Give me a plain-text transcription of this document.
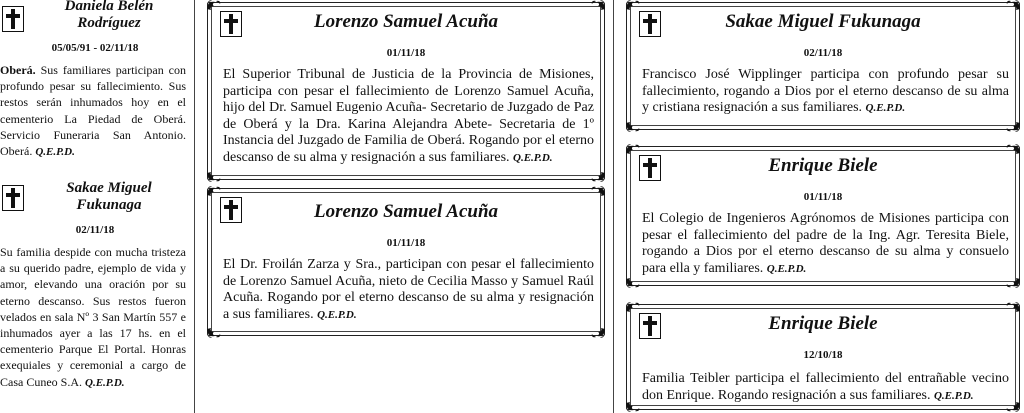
Daniela Belén
Rodríguez
05/05/91 - 02/11/18
Oberá. Sus familiares participan con profundo pesar su fallecimiento. Sus restos serán inhumados hoy en el cementerio La Piedad de Oberá. Servicio Funeraria San Antonio. Oberá. Q.E.P.D.
Sakae Miguel
Fukunaga
02/11/18
Su familia despide con mucha tristeza a su querido padre, ejemplo de vida y amor, elevando una oración por su eterno descanso. Sus restos fueron velados en sala Nº 3 San Martín 557 e inhumados ayer a las 17 hs. en el cementerio Parque El Portal. Honras exequiales y ceremonial a cargo de Casa Cuneo S.A. Q.E.P.D.
Lorenzo Samuel Acuña
01/11/18
El Superior Tribunal de Justicia de la Provincia de Misiones, participa con pesar el fallecimiento de Lorenzo Samuel Acuña, hijo del Dr. Samuel Eugenio Acuña- Secretario de Juzgado de Paz de Oberá y la Dra. Karina Alejandra Abete- Secretaria de 1º Instancia del Juzgado de Familia de Oberá. Rogando por el eterno descanso de su alma y resignación a sus familiares. Q.E.P.D.
Lorenzo Samuel Acuña
01/11/18
El Dr. Froilán Zarza y Sra., participan con pesar el fallecimiento de Lorenzo Samuel Acuña, nieto de Cecilia Masso y Samuel Raúl Acuña. Rogando por el eterno descanso de su alma y resignación a sus familiares. Q.E.P.D.
Sakae Miguel Fukunaga
02/11/18
Francisco José Wipplinger participa con profundo pesar su fallecimiento, rogando a Dios por el eterno descanso de su alma y cristiana resignación a sus familiares. Q.E.P.D.
Enrique Biele
01/11/18
El Colegio de Ingenieros Agrónomos de Misiones participa con pesar el fallecimiento del padre de la Ing. Agr. Teresita Biele, rogando a Dios por el eterno descanso de su alma y consuelo para ella y familiares. Q.E.P.D.
Enrique Biele
12/10/18
Familia Teibler participa el fallecimiento del entrañable vecino don Enrique. Rogando resignación a sus familiares. Q.E.P.D.
